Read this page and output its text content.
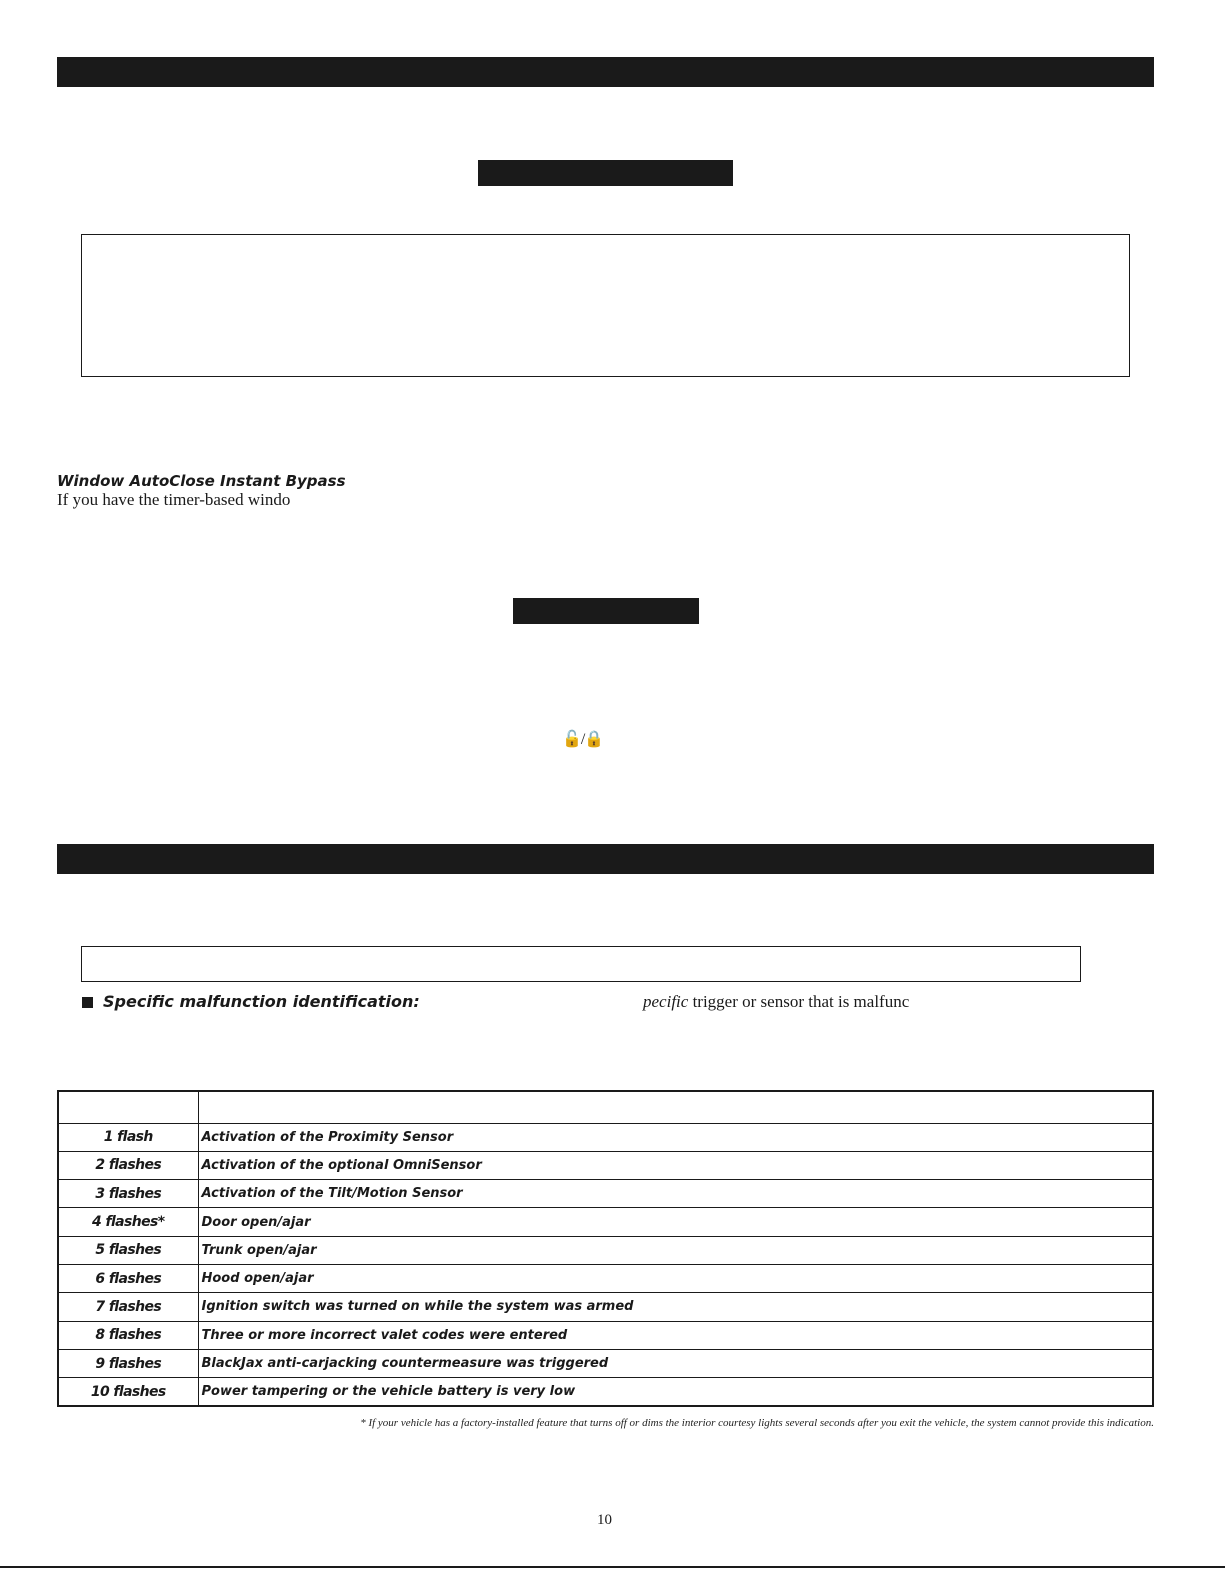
Window AutoClose Instant Bypass
If you have the timer-based windo
🔓/🔒
Specific malfunction identification:	pecific trigger or sensor that is malfunc

1 flash	Activation of the Proximity Sensor
2 flashes	Activation of the optional OmniSensor
3 flashes	Activation of the Tilt/Motion Sensor
4 flashes*	Door open/ajar
5 flashes	Trunk open/ajar
6 flashes	Hood open/ajar
7 flashes	Ignition switch was turned on while the system was armed
8 flashes	Three or more incorrect valet codes were entered
9 flashes	BlackJax anti-carjacking countermeasure was triggered
10 flashes	Power tampering or the vehicle battery is very low
* If your vehicle has a factory-installed feature that turns off or dims the interior courtesy lights several seconds after you exit the vehicle, the system cannot provide this indication.
10
